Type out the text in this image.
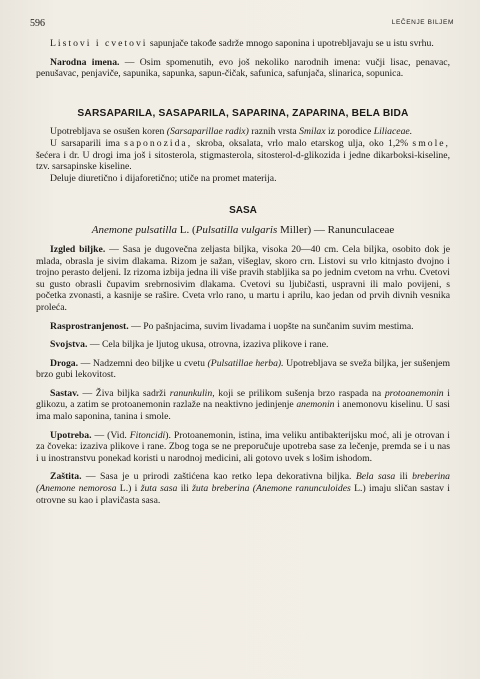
596	LEČENJE BILJEM

Listovi i cvetovi sapunjače takođe sadrže mnogo saponina i upotrebljavaju se u istu svrhu.

Narodna imena. — Osim spomenutih, evo još nekoliko narodnih imena: vučji lisac, penavac, penušavac, penjaviče, sapunika, sapunka, sapun-čičak, safunica, safunjača, slinarica, sopunica.

SARSAPARILA, SASAPARILA, SAPARINA, ZAPARINA, BELA BIDA

Upotrebljava se osušen koren (Sarsaparillae radix) raznih vrsta Smilax iz porodice Liliaceae.

U sarsaparili ima saponozida, skroba, oksalata, vrlo malo etarskog ulja, oko 1,2% smole, šećera i dr. U drogi ima još i sitosterola, stigmasterola, sitosterol-d-glikozida i jedne dikarboksi-kiseline, tzv. sarsapinske kiseline.

Deluje diuretično i dijaforetično; utiče na promet materija.

SASA
Anemone pulsatilla L. (Pulsatilla vulgaris Miller) — Ranunculaceae

Izgled biljke. — Sasa je dugovečna zeljasta biljka, visoka 20—40 cm. Cela biljka, osobito dok je mlada, obrasla je sivim dlakama. Rizom je sažan, višeglav, skoro crn. Listovi su vrlo kitnjasto dvojno i trojno perasto deljeni. Iz rizoma izbija jedna ili više pravih stabljika sa po jednim cvetom na vrhu. Cvetovi su gusto obrasli čupavim srebrnosivim dlakama. Cvetovi su ljubičasti, uspravni ili malo povijeni, s početka zvonasti, a kasnije se raširе. Cveta vrlo rano, u martu i aprilu, kao jedan od prvih divnih vesnika proleća.

Rasprostranjenost. — Po pašnjacima, suvim livadama i uopšte na sunčanim suvim mestima.

Svojstva. — Cela biljka je ljutog ukusa, otrovna, izaziva plikove i rane.

Droga. — Nadzemni deo biljke u cvetu (Pulsatillae herba). Upotrebljava se sveža biljka, jer sušenjem brzo gubi lekovitost.

Sastav. — Živa biljka sadrži ranunkulin, koji se prilikom sušenja brzo raspada na protoanemonin i glikozu, a zatim se protoanemonin razlaže na neaktivno jedinjenje anemonin i anemonovu kiselinu. U sasi ima malo saponina, tanina i smole.

Upotreba. — (Vid. Fitoncidi). Protoanemonin, istina, ima veliku antibakterijsku moć, ali je otrovan i za čoveka: izaziva plikove i rane. Zbog toga se ne preporučuje upotreba sase za lečenje, premda se i u nas i u inostranstvu ponekad koristi u narodnoj medicini, ali gotovo uvek s lošim ishodom.

Zaštita. — Sasa je u prirodi zaštićena kao retko lepa dekorativna biljka. Bela sasa ili breberina (Anemone nemorosa L.) i žuta sasa ili žuta breberina (Anemone ranunculoides L.) imaju sličan sastav i otrovne su kao i plavičasta sasa.
